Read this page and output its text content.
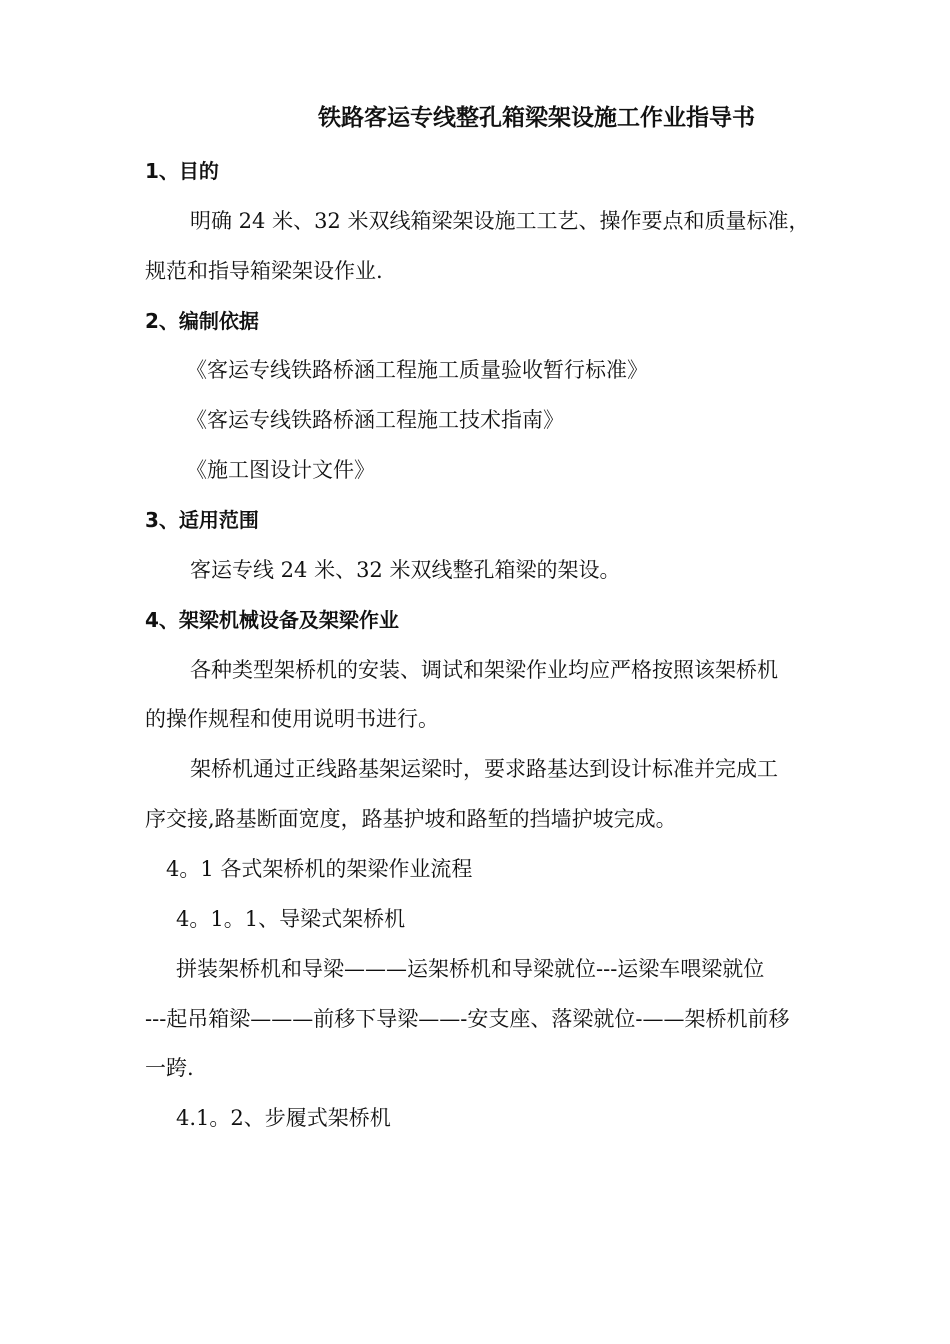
铁路客运专线整孔箱梁架设施工作业指导书
1、目的
明确 24 米、32 米双线箱梁架设施工工艺、操作要点和质量标准，
规范和指导箱梁架设作业.
2、编制依据
《客运专线铁路桥涵工程施工质量验收暂行标准》
《客运专线铁路桥涵工程施工技术指南》
《施工图设计文件》
3、适用范围
客运专线 24 米、32 米双线整孔箱梁的架设。
4、架梁机械设备及架梁作业
各种类型架桥机的安装、调试和架梁作业均应严格按照该架桥机
的操作规程和使用说明书进行。
架桥机通过正线路基架运梁时，要求路基达到设计标准并完成工
序交接,路基断面宽度，路基护坡和路堑的挡墙护坡完成。
4。1 各式架桥机的架梁作业流程
4。1。1、导梁式架桥机
拼装架桥机和导梁———运架桥机和导梁就位---运梁车喂梁就位
---起吊箱梁———前移下导梁——-安支座、落梁就位-——架桥机前移
一跨.
4.1。2、步履式架桥机
